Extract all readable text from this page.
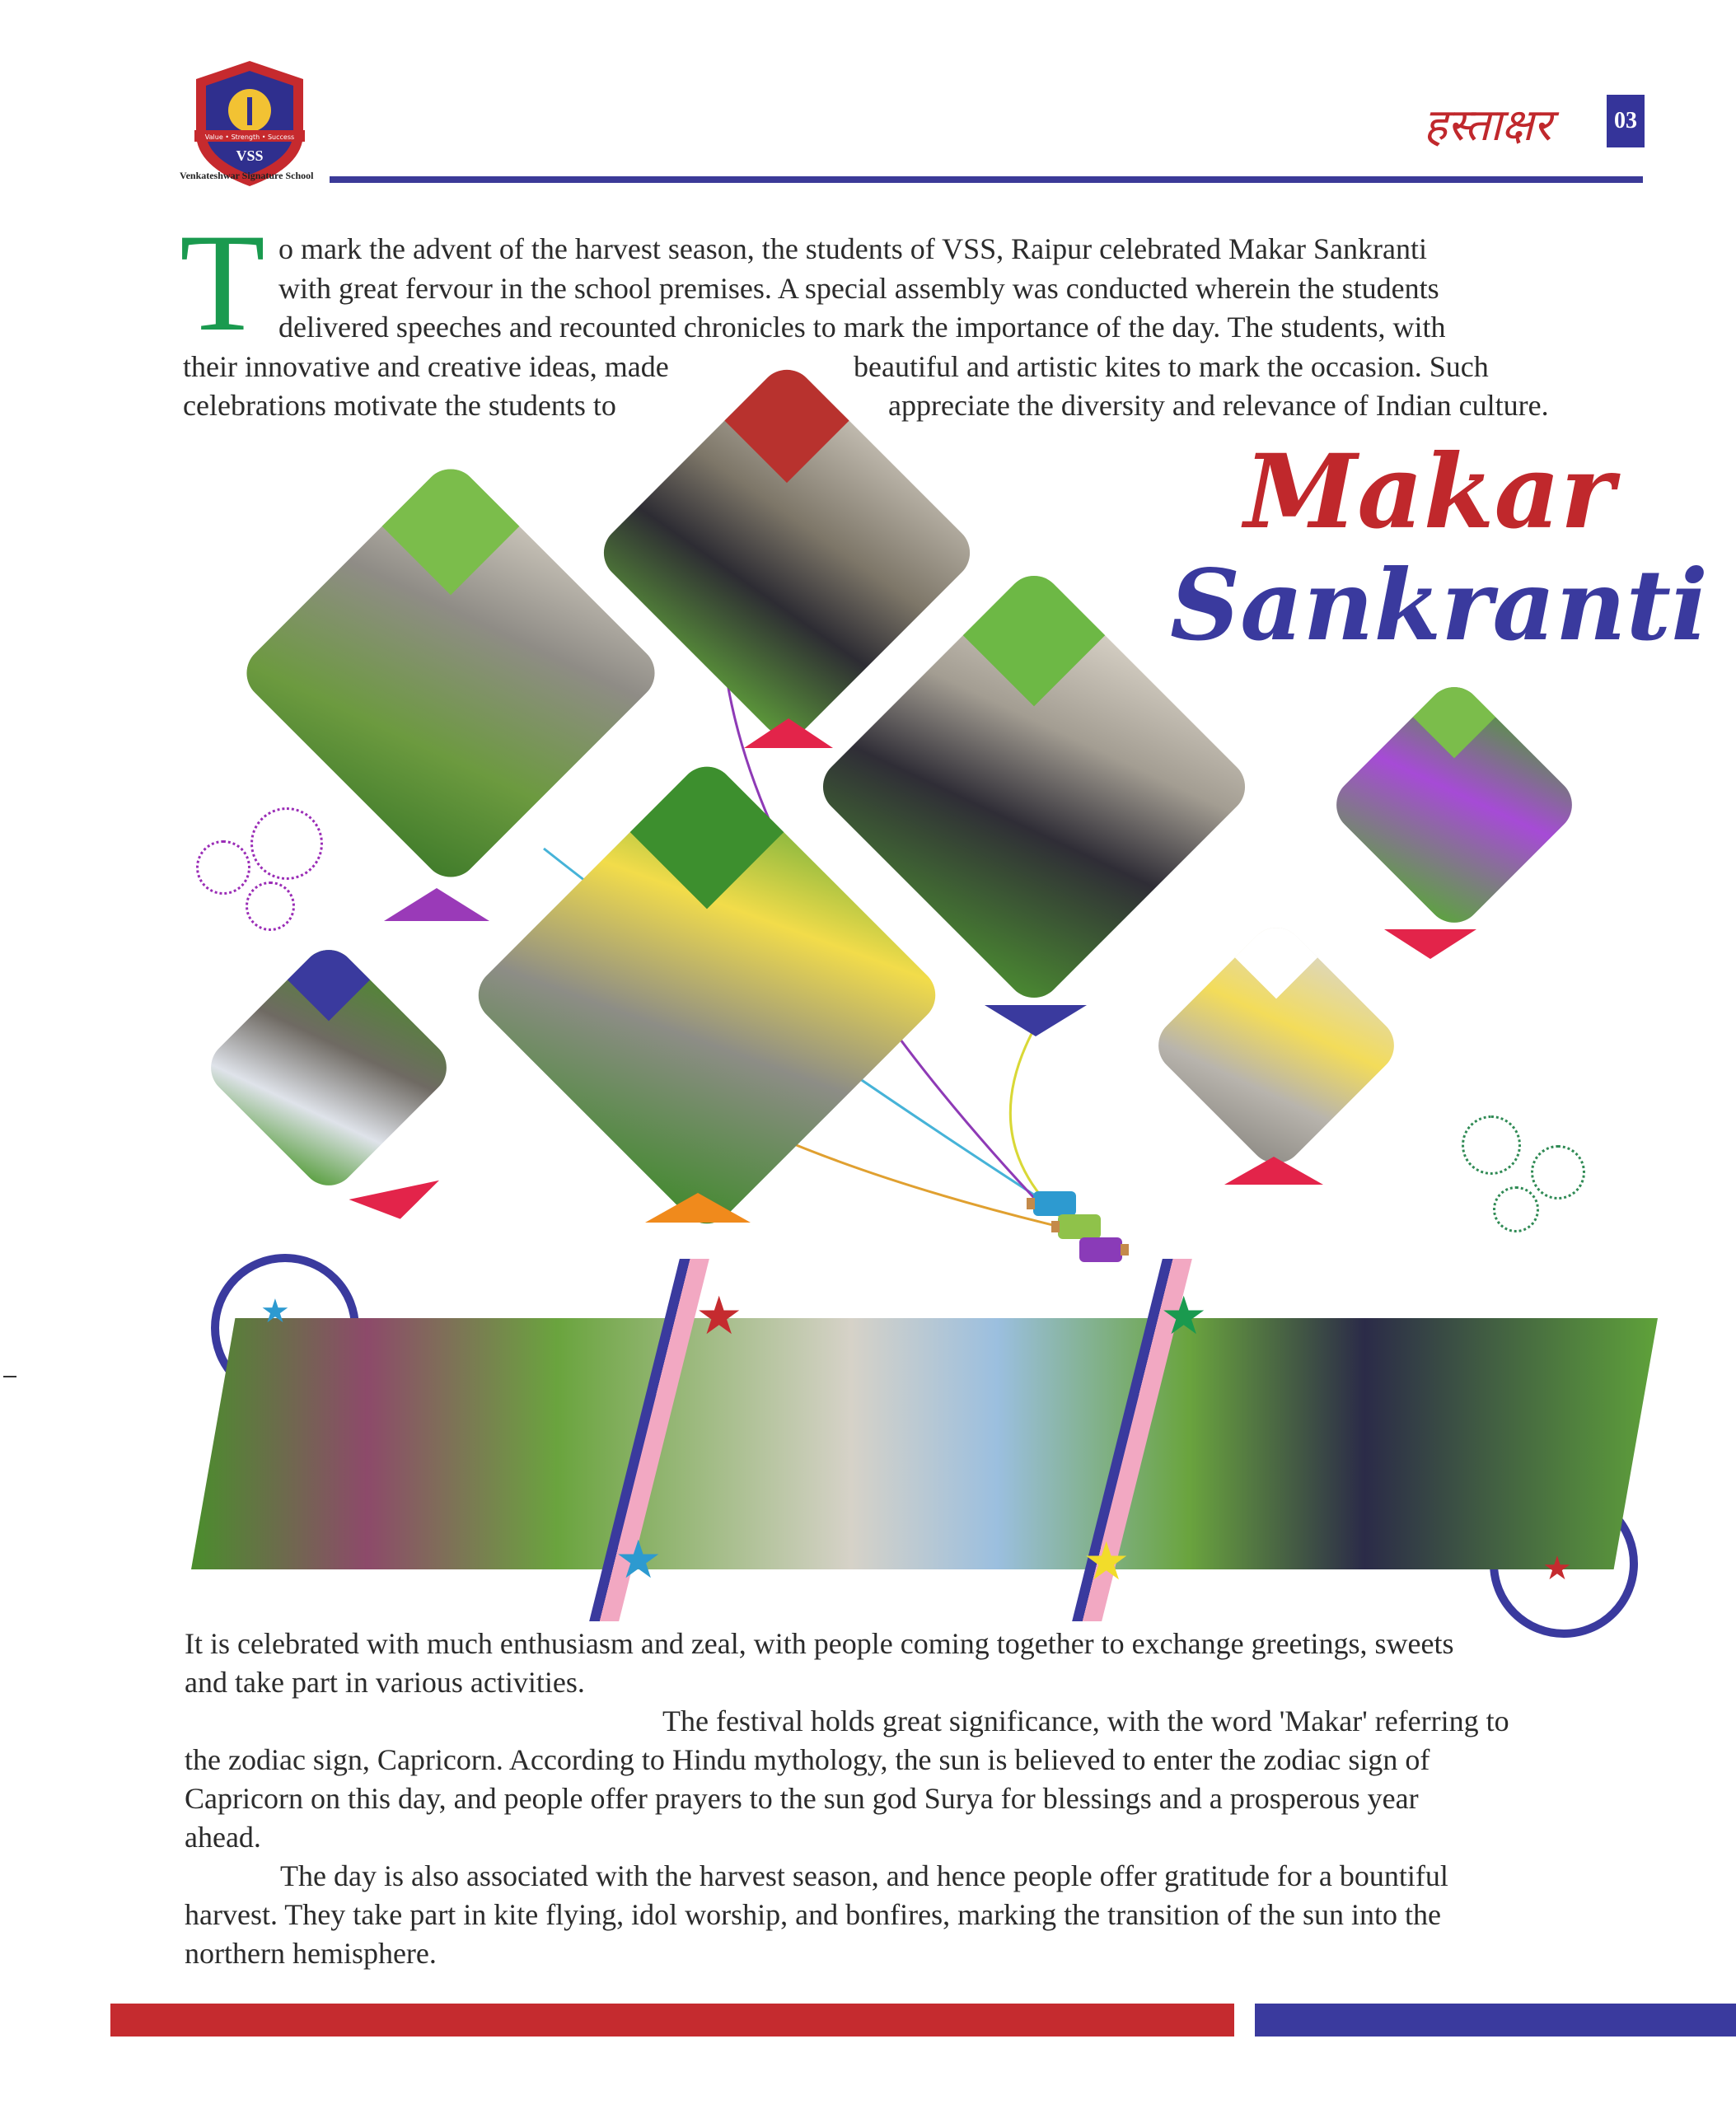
Value • Strength • Success
VSS
Venkateshwar Signature School
हस्ताक्षर	03
T o mark the advent of the harvest season, the students of VSS, Raipur celebrated Makar Sankranti
with great fervour in the school premises. A special assembly was conducted wherein the students
delivered speeches and recounted chronicles to mark the importance of the day. The students, with
their innovative and creative ideas, made	beautiful and artistic kites to mark the occasion. Such
celebrations motivate the students to	appreciate the diversity and relevance of Indian culture.
Makar
Sankranti
★	★
★	★
★
★
It is celebrated with much enthusiasm and zeal, with people coming together to exchange greetings, sweets
and take part in various activities.
The festival holds great significance, with the word 'Makar' referring to
the zodiac sign, Capricorn. According to Hindu mythology, the sun is believed to enter the zodiac sign of
Capricorn on this day, and people offer prayers to the sun god Surya for blessings and a prosperous year
ahead.
The day is also associated with the harvest season, and hence people offer gratitude for a bountiful
harvest. They take part in kite flying, idol worship, and bonfires, marking the transition of the sun into the
northern hemisphere.
